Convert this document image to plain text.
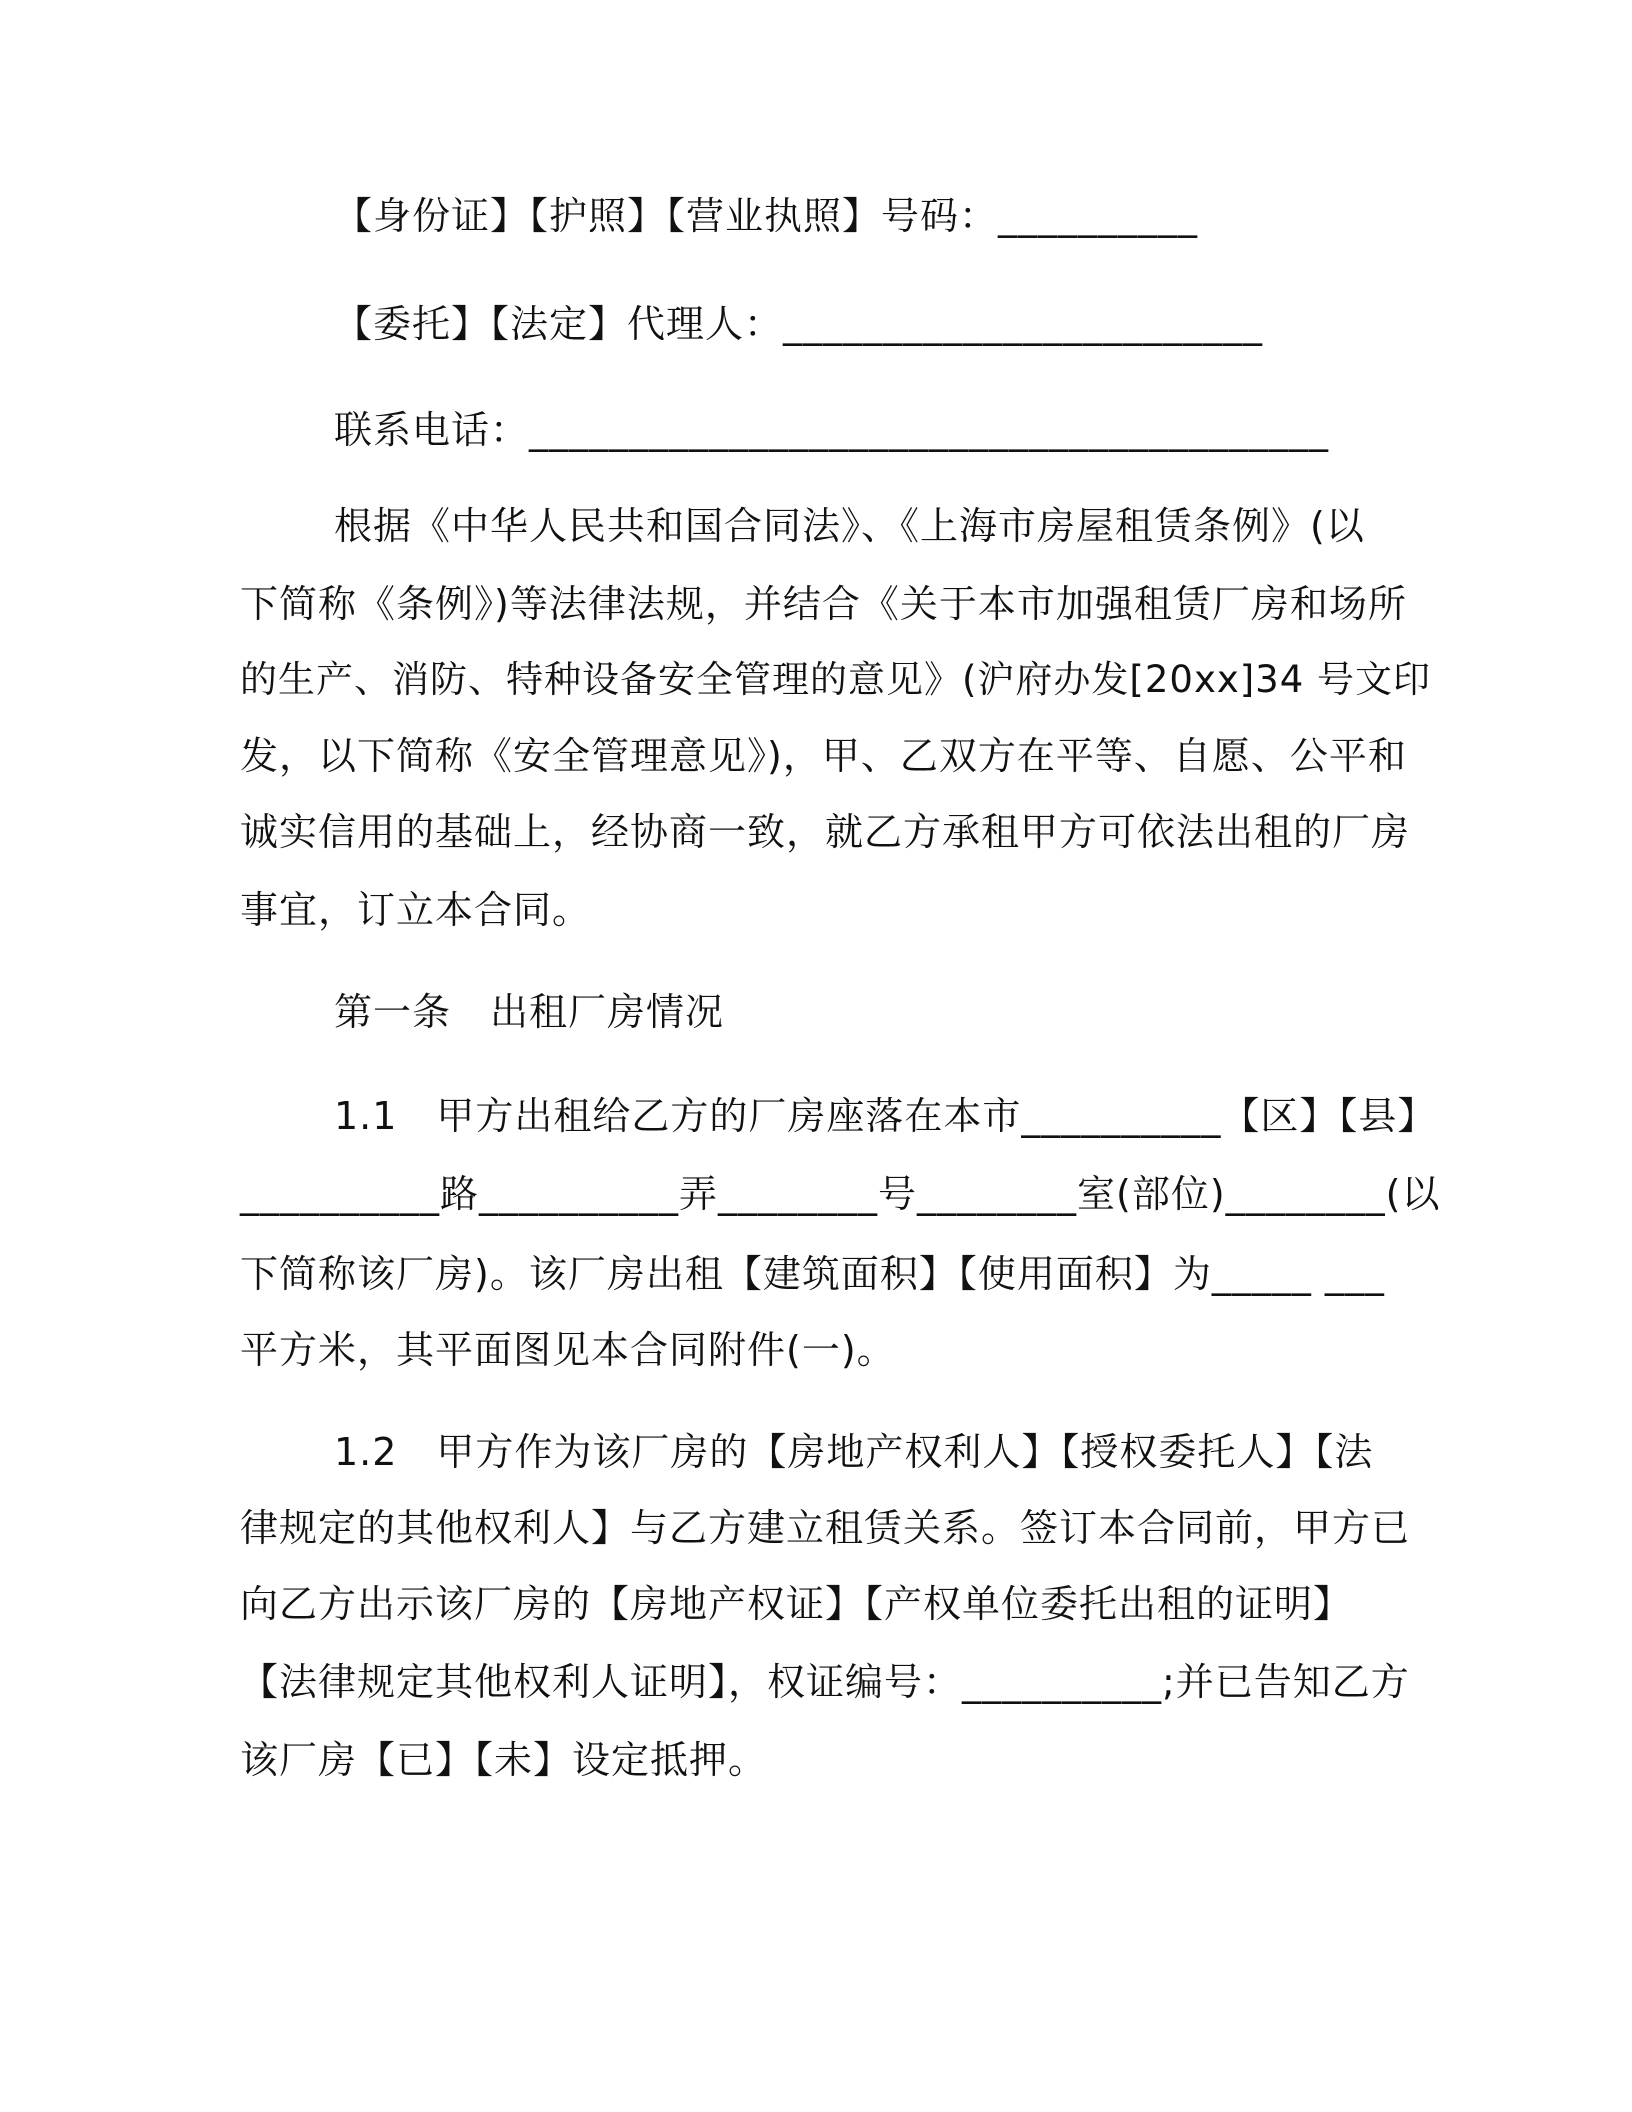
【身份证】【护照】【营业执照】号码：__________
【委托】【法定】代理人：________________________
联系电话：________________________________________
根据《中华人民共和国合同法》、《上海市房屋租赁条例》(以
下简称《条例》)等法律法规，并结合《关于本市加强租赁厂房和场所
的生产、消防、特种设备安全管理的意见》(沪府办发[20xx]34 号文印
发，以下简称《安全管理意见》)，甲、乙双方在平等、自愿、公平和
诚实信用的基础上，经协商一致，就乙方承租甲方可依法出租的厂房
事宜，订立本合同。
第一条　出租厂房情况
1.1　甲方出租给乙方的厂房座落在本市__________【区】【县】
__________路__________弄________号________室(部位)________(以
下简称该厂房)。该厂房出租【建筑面积】【使用面积】为_____ ___
平方米，其平面图见本合同附件(一)。
1.2　甲方作为该厂房的【房地产权利人】【授权委托人】【法
律规定的其他权利人】与乙方建立租赁关系。签订本合同前，甲方已
向乙方出示该厂房的【房地产权证】【产权单位委托出租的证明】
【法律规定其他权利人证明】，权证编号：__________;并已告知乙方
该厂房【已】【未】设定抵押。
